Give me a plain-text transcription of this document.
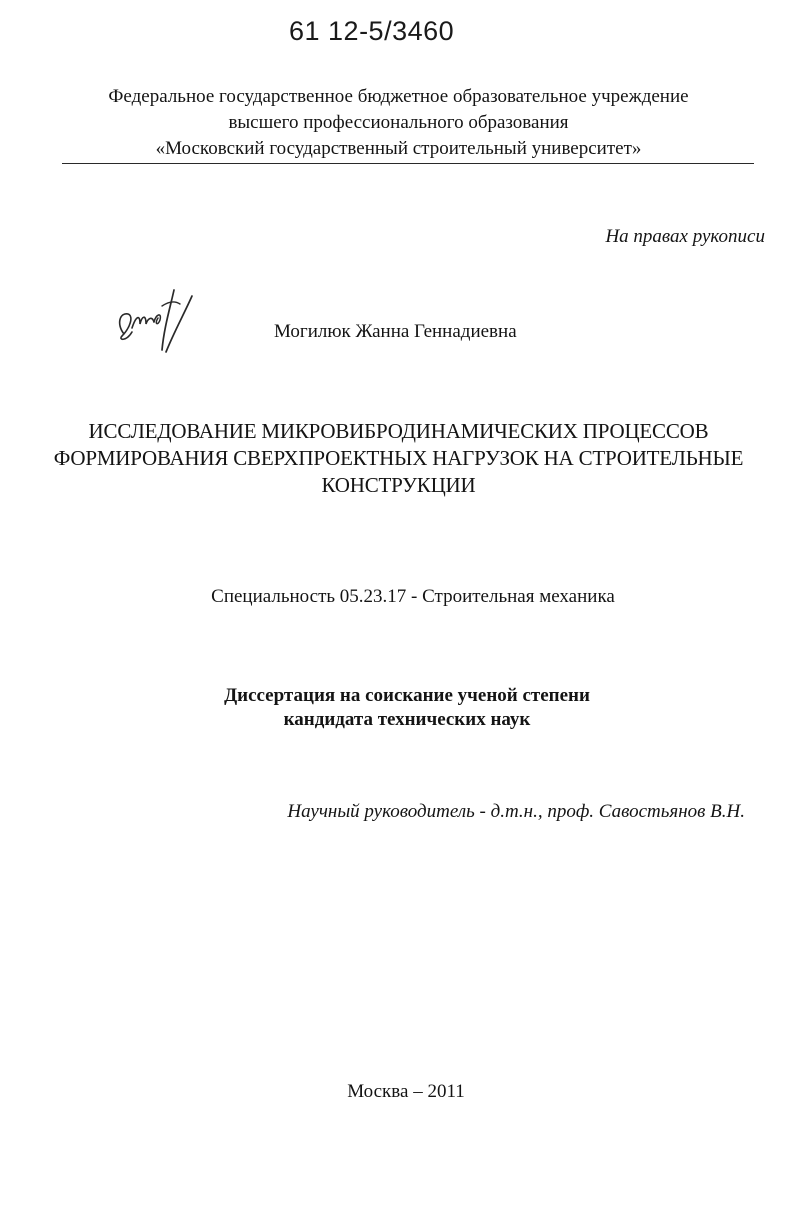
61 12-5/3460
Федеральное государственное бюджетное образовательное учреждение
высшего профессионального образования
«Московский государственный строительный университет»
На правах рукописи
Могилюк Жанна Геннадиевна
ИССЛЕДОВАНИЕ МИКРОВИБРОДИНАМИЧЕСКИХ ПРОЦЕССОВ
ФОРМИРОВАНИЯ СВЕРХПРОЕКТНЫХ НАГРУЗОК НА СТРОИТЕЛЬНЫЕ
КОНСТРУКЦИИ
Специальность 05.23.17 - Строительная механика
Диссертация на соискание ученой степени
кандидата технических наук
Научный руководитель - д.т.н., проф. Савостьянов В.Н.
Москва – 2011
